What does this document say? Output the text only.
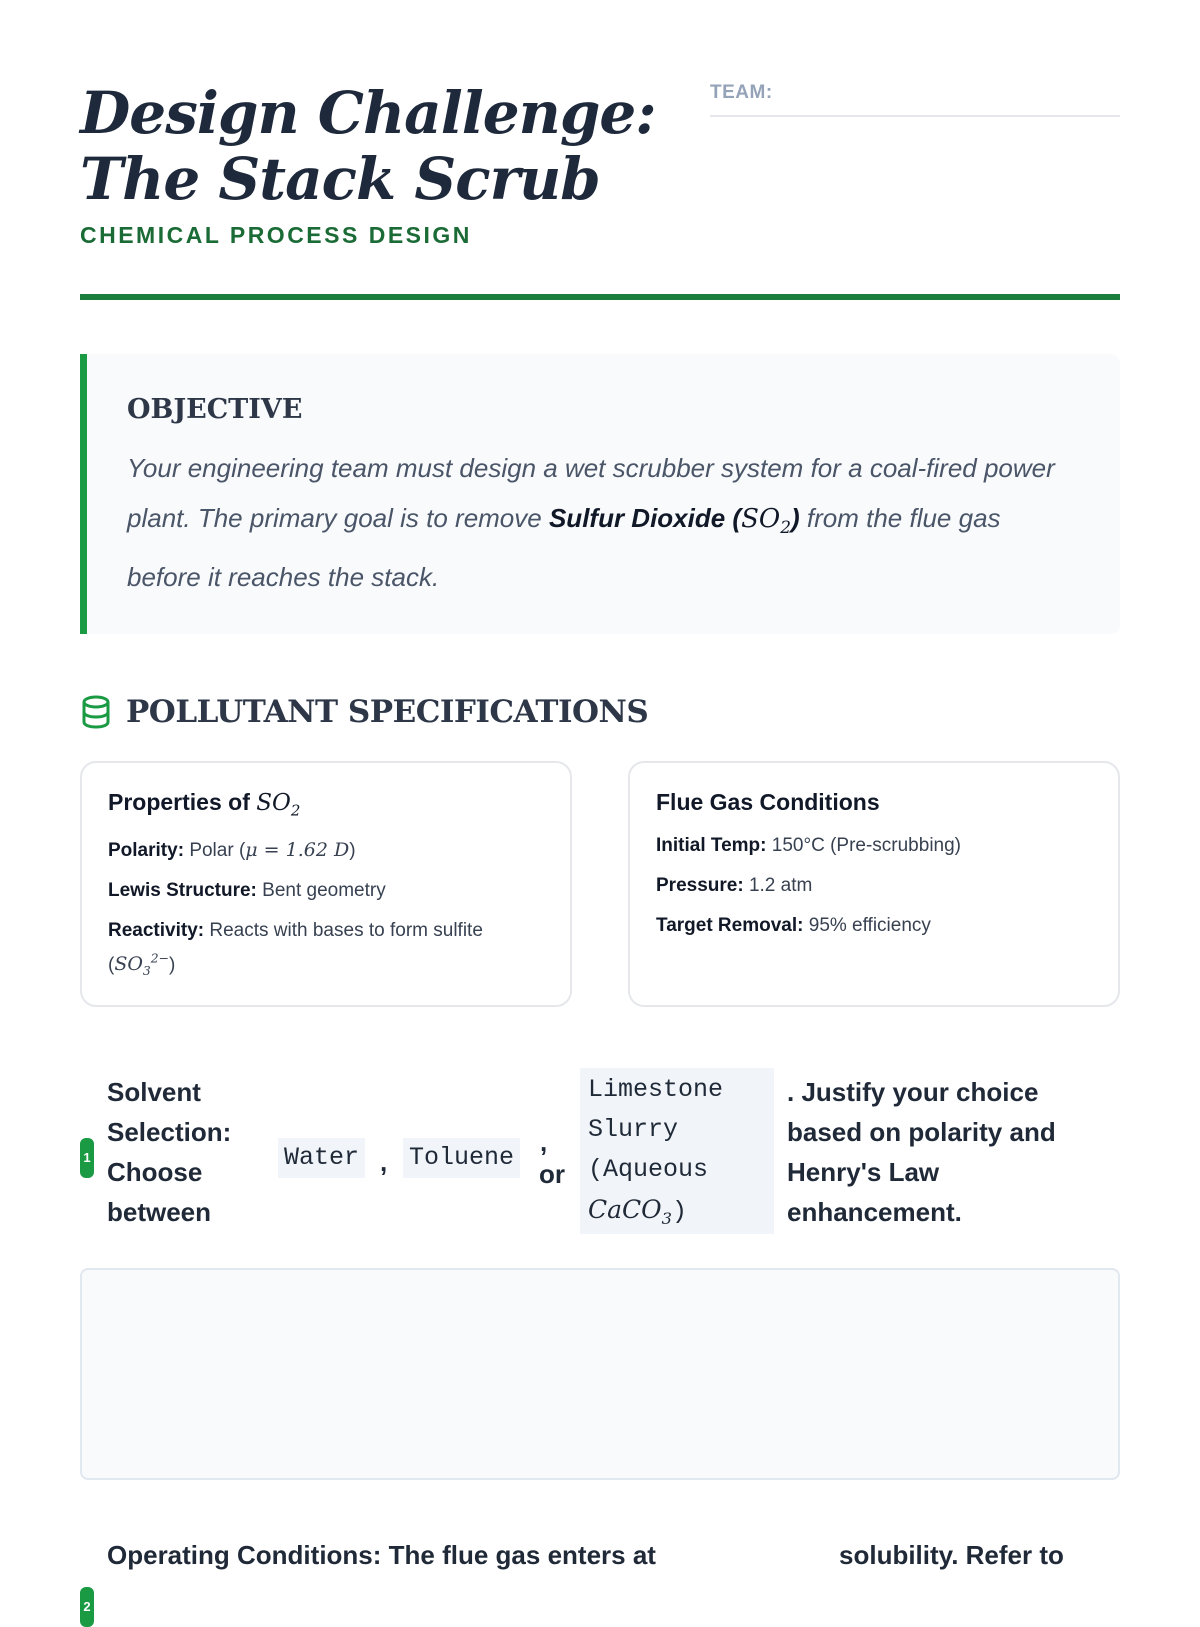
Design Challenge: The Stack Scrub
CHEMICAL PROCESS DESIGN
TEAM:
OBJECTIVE

Your engineering team must design a wet scrubber system for a coal-fired power plant. The primary goal is to remove Sulfur Dioxide $(SO_2)$ from the flue gas before it reaches the stack.

POLLUTANT SPECIFICATIONS
Properties of $SO_2$
Polarity: Polar (μ = 1.62 D)
Lewis Structure: Bent geometry
Reactivity: Reacts with bases to form sulfite $(SO_3^{2-})$
Flue Gas Conditions
Initial Temp: 150°C (Pre-scrubbing)
Pressure: 1.2 atm
Target Removal: 95% efficiency
1
Solvent Selection: Choose between
Water , Toluene
,
or
Limestone Slurry (Aqueous
CaCO$_3$)
. Justify your choice based on polarity and Henry's Law enhancement.
2
Operating Conditions: The flue gas enters at	solubility. Refer to
